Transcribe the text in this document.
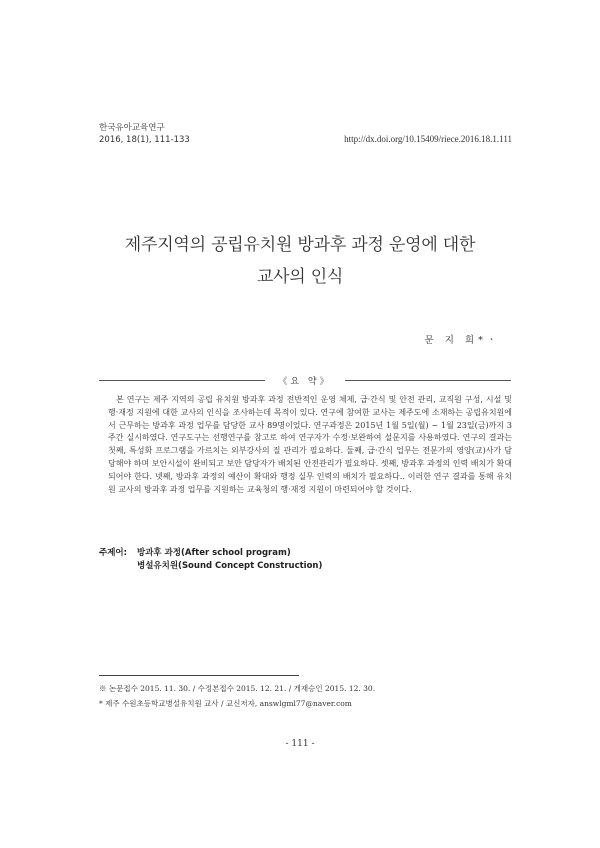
한국유아교육연구
2016, 18(1), 111-133	http://dx.doi.org/10.15409/riece.2016.18.1.111
제주지역의 공립유치원 방과후 과정 운영에 대한
교사의 인식
문 지 희*ㆍ
《요 약》

본 연구는 제주 지역의 공립 유치원 방과후 과정 전반적인 운영 체제, 급·간식 및 안전 관리, 교직원 구성, 시설 및 행·재정 지원에 대한 교사의 인식을 조사하는데 목적이 있다. 연구에 참여한 교사는 제주도에 소재하는 공립유치원에서 근무하는 방과후 과정 업무를 담당한 교사 89명이었다. 연구과정은 2015년 1월 5일(월) ~ 1월 23일(금)까지 3주간 실시하였다. 연구도구는 선행연구를 참고로 하여 연구자가 수정·보완하여 설문지를 사용하였다. 연구의 결과는 첫째, 특성화 프로그램을 가르치는 외부강사의 질 관리가 필요하다. 둘째, 급·간식 업무는 전문가의 영양(교)사가 담당해야 하며 보안시설이 완비되고 보안 담당자가 배치된 안전관리가 필요하다. 셋째, 방과후 과정의 인력 배치가 확대 되어야 한다. 넷째, 방과후 과정의 예산이 확대와 행정 실무 인력의 배치가 필요하다.. 이러한 연구 결과를 통해 유치원 교사의 방과후 과정 업무를 지원하는 교육청의 행·재정 지원이 마련되어야 할 것이다.

주제어: 방과후 과정(After school program)
병설유치원(Sound Concept Construction)
※ 논문접수 2015. 11. 30. / 수정본접수 2015. 12. 21. / 게재승인 2015. 12. 30.
* 제주 수원초등학교병설유치원 교사 / 교신저자, answlgml77@naver.com
- 111 -
